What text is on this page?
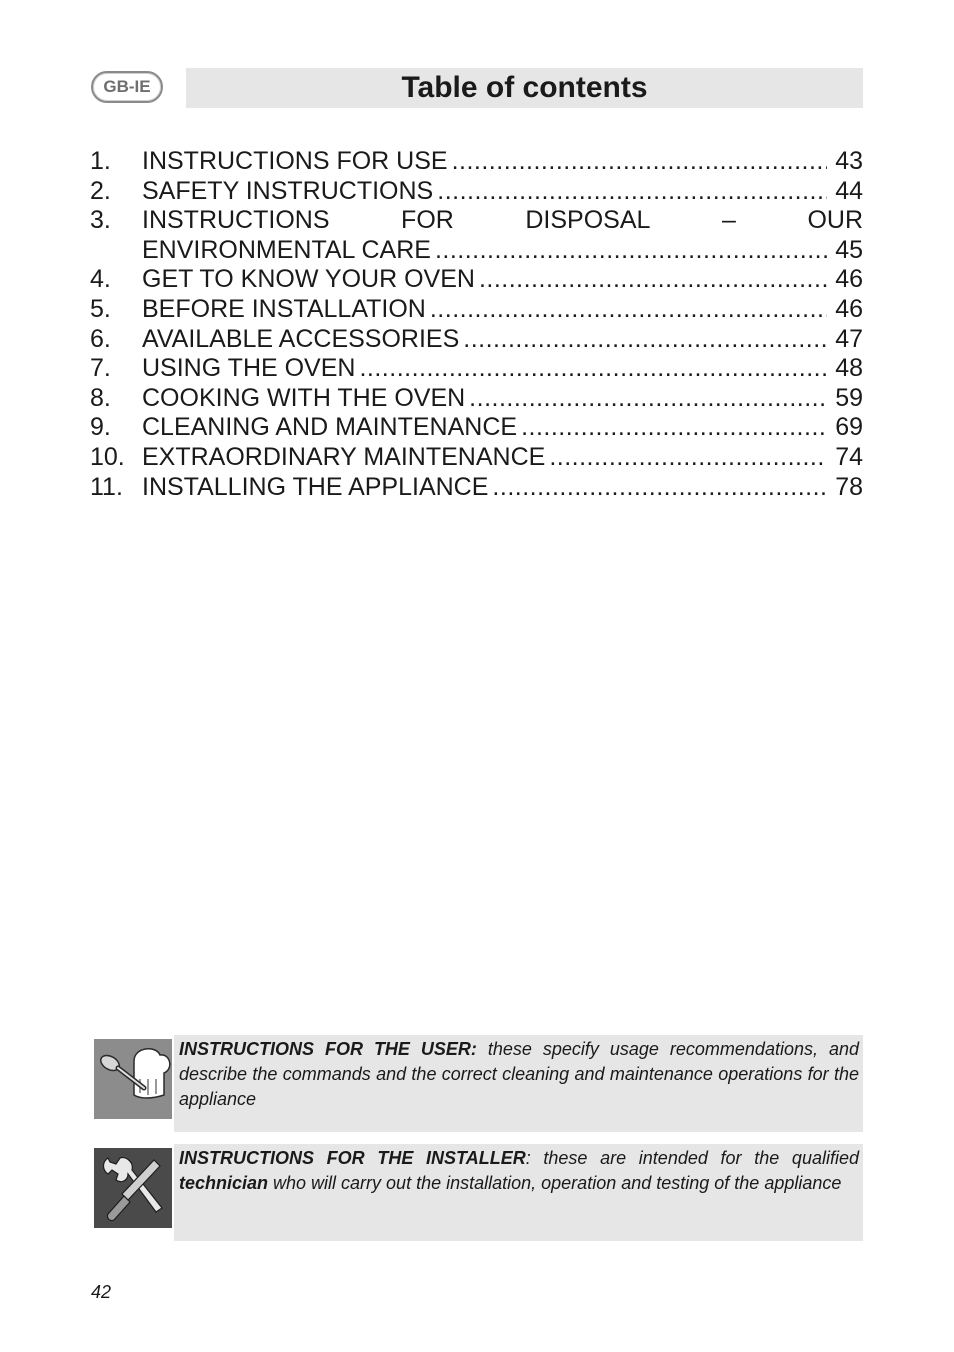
GB-IE	Table of contents
1. INSTRUCTIONS FOR USE .....	43
2. SAFETY INSTRUCTIONS .....	44
3. INSTRUCTIONS	FOR	DISPOSAL	–	OUR
ENVIRONMENTAL CARE .....	45
4. GET TO KNOW YOUR OVEN .....	46
5. BEFORE INSTALLATION .....	46
6. AVAILABLE ACCESSORIES .....	47
7. USING THE OVEN .....	48
8. COOKING WITH THE OVEN .....	59
9. CLEANING AND MAINTENANCE .....	69
10. EXTRAORDINARY MAINTENANCE .....	74
11. INSTALLING THE APPLIANCE .....	78
INSTRUCTIONS FOR THE USER: these specify usage recommendations, and describe the commands and the correct cleaning and maintenance operations for the appliance
INSTRUCTIONS FOR THE INSTALLER: these are intended for the qualified technician who will carry out the installation, operation and testing of the appliance
42
